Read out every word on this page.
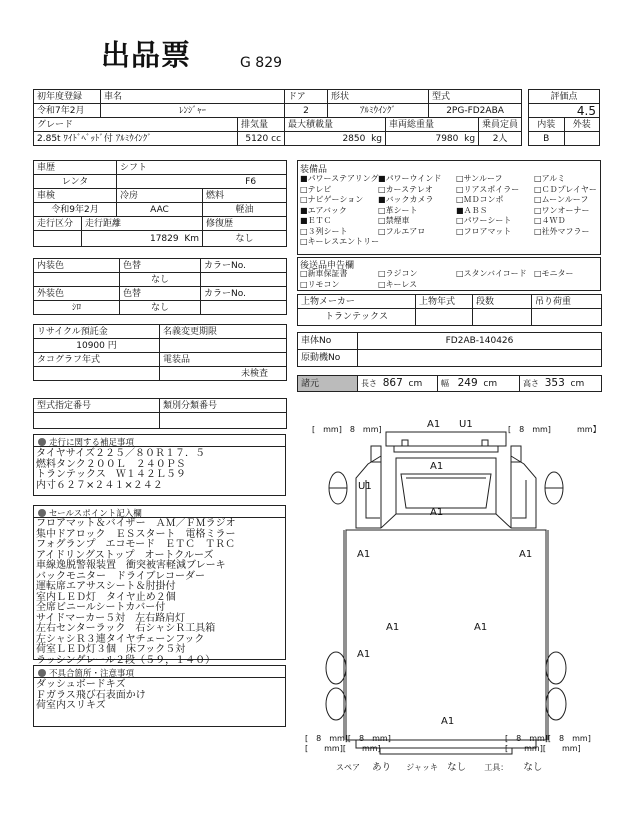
出品票	G 829
初年度登録	車名		ドア	形状		型式	
令和7年2月	ﾚﾝｼﾞｬｰ		2	ｱﾙﾐｳｲﾝｸﾞ		2PG-FD2ABA	
グレード		排気量	最大積載量		車両総重量		乗員定員
2.85t ﾜｲﾄﾞﾍﾞｯﾄﾞ付 ｱﾙﾐｳｲﾝｸﾞ		5120 cc	2850 kg		7980 kg		2人
評価点	
4.5	
内装	外装
B	
車歴		シフト	
レンタ		F6	
車検		冷房	燃料
令和9年2月		AAC	軽油
走行区分	走行距離		修復歴
	17829 Km		なし
内装色	色替	カラーNo.
	なし	
外装色	色替	カラーNo.
ｼﾛ	なし	
リサイクル預託金	名義変更期限
10900 円	
タコグラフ年式	電装品
	未検査
型式指定番号	類別分類番号

装備品
■パワーステアリング ■パワーウインド □サンルーフ	□アルミ
□テレビ	□カーステレオ	□リアスポイラー □ＣＤプレイヤー
□ナビゲーション ■バックカメラ	□ＭＤコンポ	□ムーンルーフ
■エアバック	□革シート	■ＡＢＳ	□ワンオーナー
■ＥＴＣ	□禁煙車	□パワーシート	□４ＷＤ
□３列シート	□フルエアロ	□フロアマット	□社外マフラー
□キーレスエントリー
後送品申告欄
□新車保証書	□ラジコン	□スタンバイコード □モニター
□リモコン	□キーレス
上物メーカー	上物年式	段数	吊り荷重
トランテックス			
車体No	FD2AB-140426
原動機No	
諸元	長さ 867 cm	幅 249 cm	高さ 353 cm
走行に関する補足事項
タイヤサイズ２２５／８０Ｒ１７．５
燃料タンク２００Ｌ　２４０ＰＳ
トランテックス　Ｗ１４２Ｌ５９
内寸６２７×２４１×２４２
セールスポイント記入欄
フロアマット＆バイザー　ＡＭ／ＦＭラジオ
集中ドアロック　ＥＳスタート　電格ミラー
フォグランプ　エコモード　ＥＴＣ　ＴＲＣ
アイドリングストップ　オートクルーズ
車線逸脱警報装置　衝突被害軽減ブレーキ
バックモニター　ドライブレコーダー
運転席エアサスシート＆肘掛付
室内ＬＥＤ灯　タイヤ止め２個
全席ビニールシートカバー付
サイドマーカー５対　左右路肩灯
左右センターラック　右シャシＲ工具箱
左シャシＲ３連タイヤチェーンフック
荷室ＬＥＤ灯３個　床フック５対
ラッシングレール２段（５９，１４０）
不具合箇所・注意事項
ダッシュボードキズ
Ｆガラス飛び石表面かけ
荷室内スリキズ
[　mm]　8　mm]	[　8　mm]	mm】
[　8　mm][　8　mm]
[　　mm][　　mm]
[　8　mm][　8　mm]
[　　mm][　　mm]
A1 U1
A1
U1
A1
A1	A1
A1	A1
A1
A1
スペア あり ジャッキ なし 工具： なし
